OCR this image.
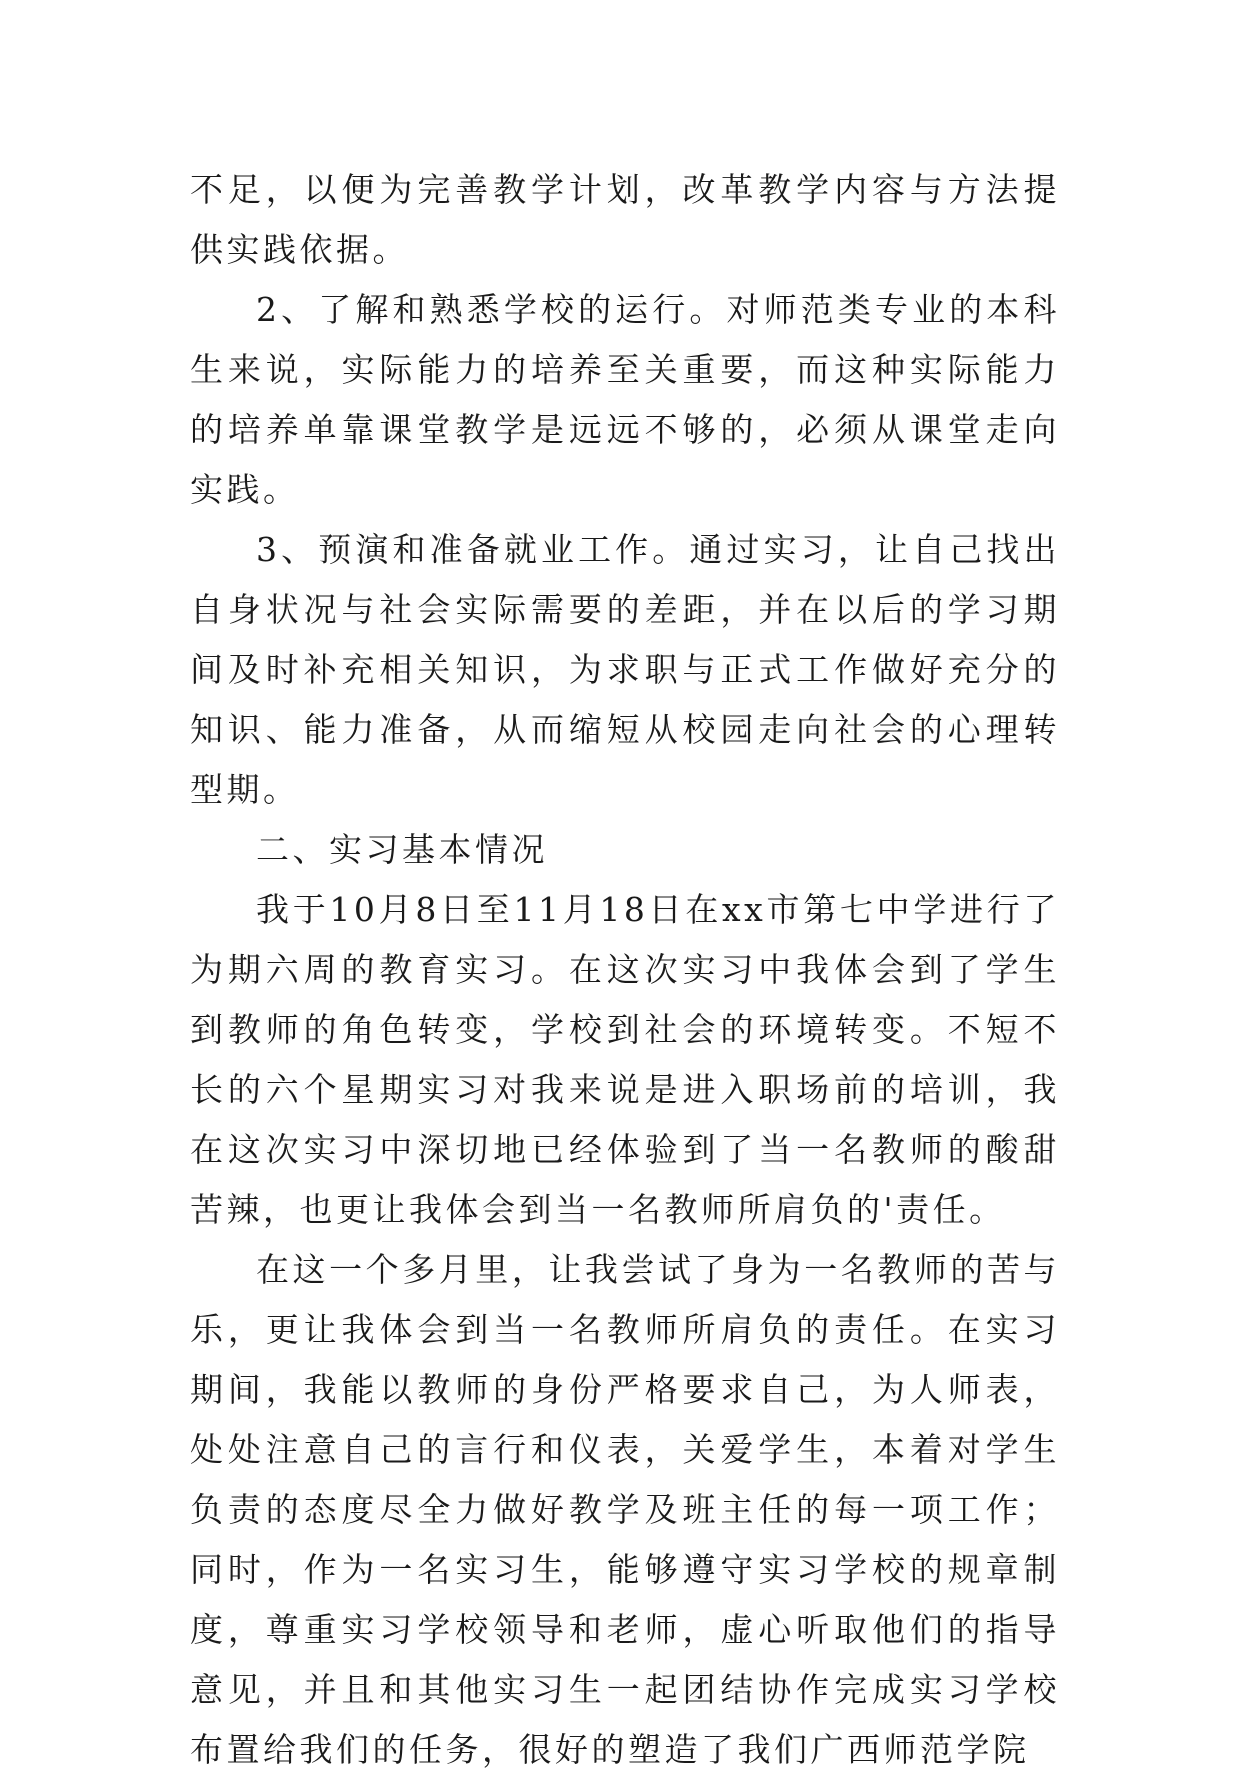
不足，以便为完善教学计划，改革教学内容与方法提供实践依据。

2、了解和熟悉学校的运行。对师范类专业的本科生来说，实际能力的培养至关重要，而这种实际能力的培养单靠课堂教学是远远不够的，必须从课堂走向实践。

3、预演和准备就业工作。通过实习，让自己找出自身状况与社会实际需要的差距，并在以后的学习期间及时补充相关知识，为求职与正式工作做好充分的知识、能力准备，从而缩短从校园走向社会的心理转型期。

二、实习基本情况

我于10月8日至11月18日在xx市第七中学进行了为期六周的教育实习。在这次实习中我体会到了学生到教师的角色转变，学校到社会的环境转变。不短不长的六个星期实习对我来说是进入职场前的培训，我在这次实习中深切地已经体验到了当一名教师的酸甜苦辣，也更让我体会到当一名教师所肩负的'责任。

在这一个多月里，让我尝试了身为一名教师的苦与乐，更让我体会到当一名教师所肩负的责任。在实习期间，我能以教师的身份严格要求自己，为人师表，处处注意自己的言行和仪表，关爱学生，本着对学生负责的态度尽全力做好教学及班主任的每一项工作；同时，作为一名实习生，能够遵守实习学校的规章制度，尊重实习学校领导和老师，虚心听取他们的指导意见，并且和其他实习生一起团结协作完成实习学校布置给我们的任务，很好的塑造了我们广西师范学院
